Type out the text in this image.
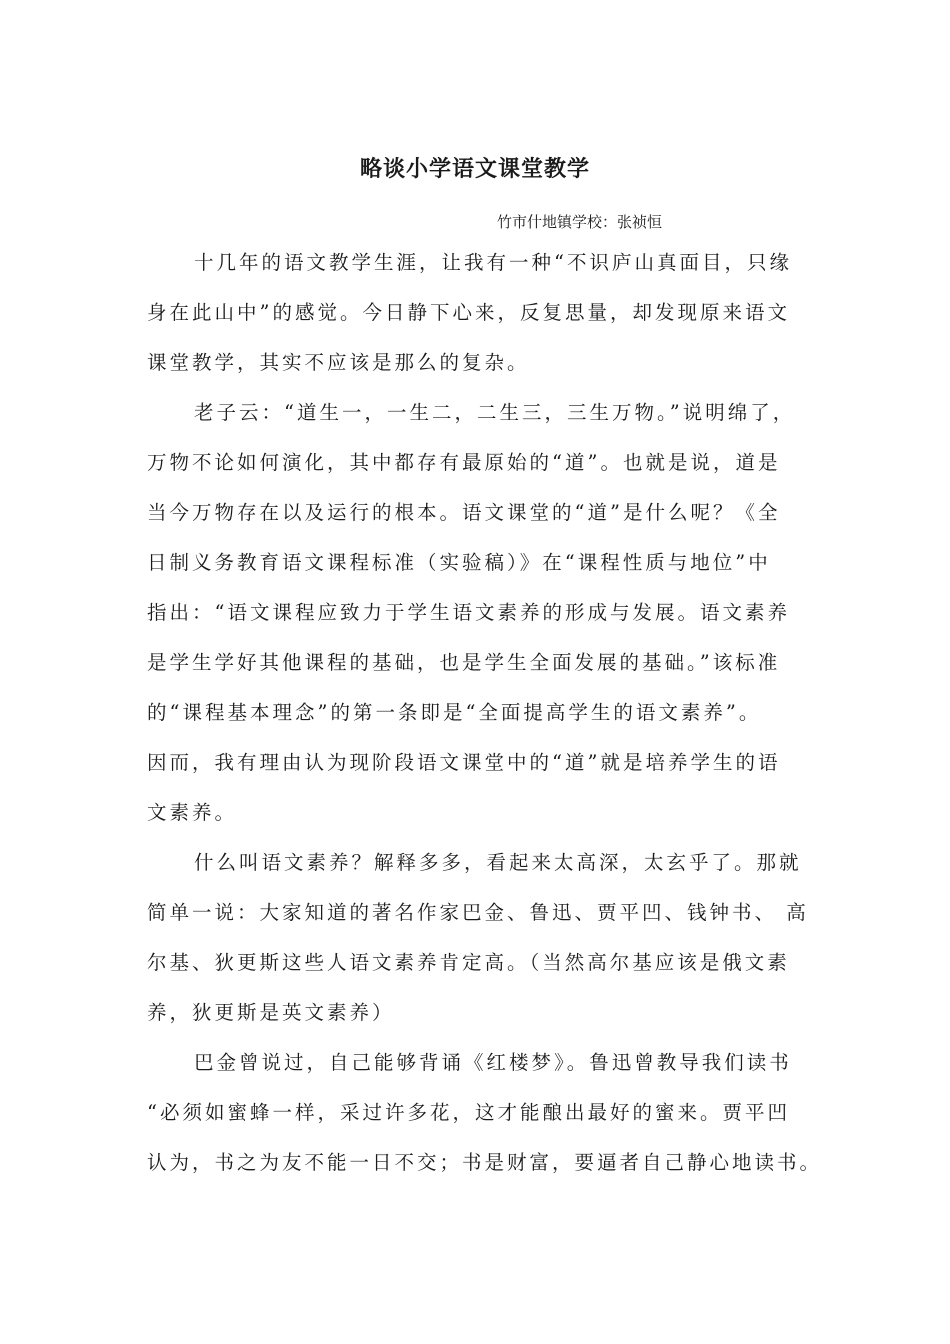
略谈小学语文课堂教学
竹市什地镇学校：张祯恒
十几年的语文教学生涯，让我有一种“不识庐山真面目，只缘
身在此山中”的感觉。今日静下心来，反复思量，却发现原来语文
课堂教学，其实不应该是那么的复杂。
老子云：“道生一，一生二，二生三，三生万物。”说明绵了，
万物不论如何演化，其中都存有最原始的“道”。也就是说，道是
当今万物存在以及运行的根本。语文课堂的“道”是什么呢？《全
日制义务教育语文课程标准（实验稿）》在“课程性质与地位”中
指出：“语文课程应致力于学生语文素养的形成与发展。语文素养
是学生学好其他课程的基础，也是学生全面发展的基础。”该标准
的“课程基本理念”的第一条即是“全面提高学生的语文素养”。
因而，我有理由认为现阶段语文课堂中的“道”就是培养学生的语
文素养。
什么叫语文素养？解释多多，看起来太高深，太玄乎了。那就
简单一说：大家知道的著名作家巴金、鲁迅、贾平凹、钱钟书、 高
尔基、狄更斯这些人语文素养肯定高。（当然高尔基应该是俄文素
养，狄更斯是英文素养）
巴金曾说过，自己能够背诵《红楼梦》。鲁迅曾教导我们读书
“必须如蜜蜂一样，采过许多花，这才能酿出最好的蜜来。贾平凹
认为，书之为友不能一日不交；书是财富，要逼者自己静心地读书。
